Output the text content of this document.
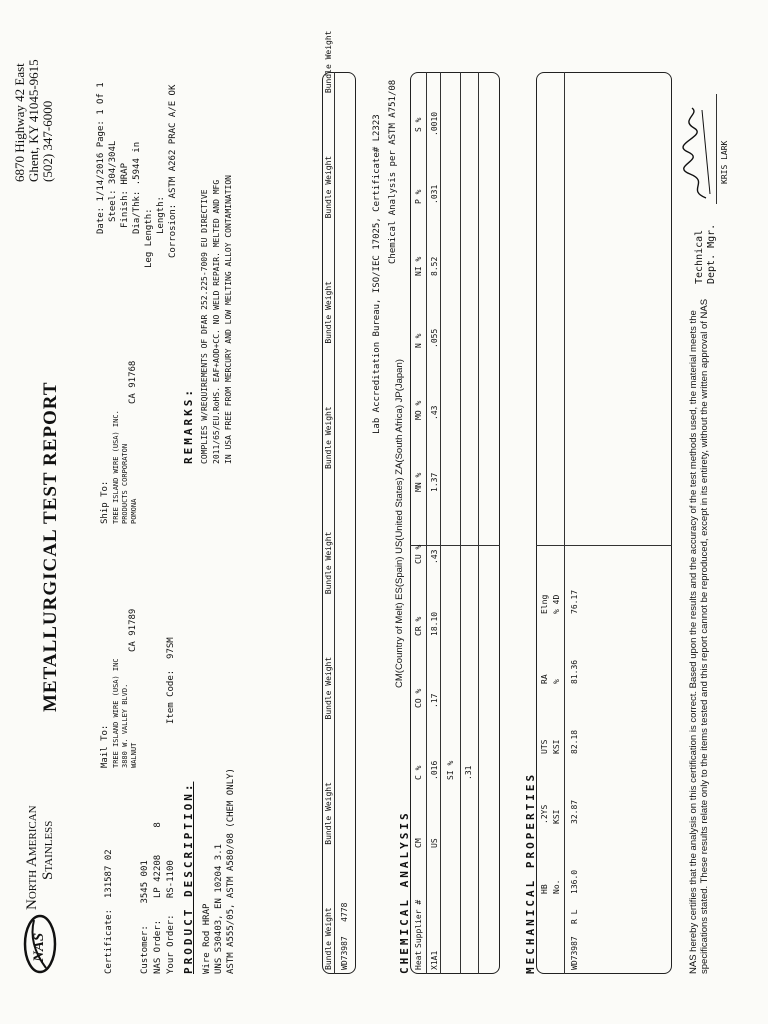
NAS
North American Stainless
METALLURGICAL TEST REPORT
6870 Highway 42 East Ghent, KY 41045-9615 (502) 347-6000
Certificate:  131587 02
Customer:    3545 001
NAS Order:    LP 42208     8
Your Order:   RS-1100
Item Code:  97SM
Mail To: TREE ISLAND WIRE (USA) INC 3880 W. VALLEY BLVD. WALNUT
CA 91789
Ship To: TREE ISLAND WIRE (USA) INC. PRODUCTS CORPORATON POMONA
CA 91768
Date: 1/14/2016 Page: 1 Of 1 Steel: 304/304L Finish: HRAP Dia/Thk: .5944 in
Leg Length: Length: Corrosion: ASTM A262 PRAC A/E OK
PRODUCT DESCRIPTION: Wire Rod HRAP UNS S30403, EN 10204 3.1 ASTM A555/05, ASTM A580/08 (CHEM ONLY)
REMARKS: COMPLIES W/REQUIREMENTS OF DFAR 252.225-7009 EU DIRECTIVE 2011/65/EU.RoHS. EAF+AOD+CC. NO WELD REPAIR. MELTED AND MFG IN USA FREE FROM MERCURY AND LOW MELTING ALLOY CONTAMINATION
Bundle Weight             Bundle Weight             Bundle Weight             Bundle Weight             Bundle Weight             Bundle Weight             Bundle Weight             Bundle Weight
WD73987   4778
Lab Accreditation Bureau, ISO/IEC 17025, Certificate# L2323
CHEMICAL ANALYSIS
CM(Country of Melt) ES(Spain) US(United States) ZA(South Africa) JP(Japan)
Chemical Analysis per ASTM A751/08
Heat
Supplier #
CM
C %
CO %
CR %
CU %
MN %
MO %
N %
NI %
P %
S %
X1A1
US
.016
.17
18.10
.43
1.37
.43
.055
8.52
.031
.0010
SI % .31	MECHANICAL PROPERTIES HB
.2YS
UTS
RA
Elng
No.
KSI
KSI
%
% 4D
WD73987
R L
136.0
32.87
82.18
81.36
76.17	NAS hereby certifies that the analysis on this certification is correct. Based upon the results and the accuracy of the test methods used, the material meets the specifications stated. These results relate only to the items tested and this report cannot be reproduced, except in its entirety, without the written approval of NAS
Technical Dept. Mgr.
KRIS LARK
